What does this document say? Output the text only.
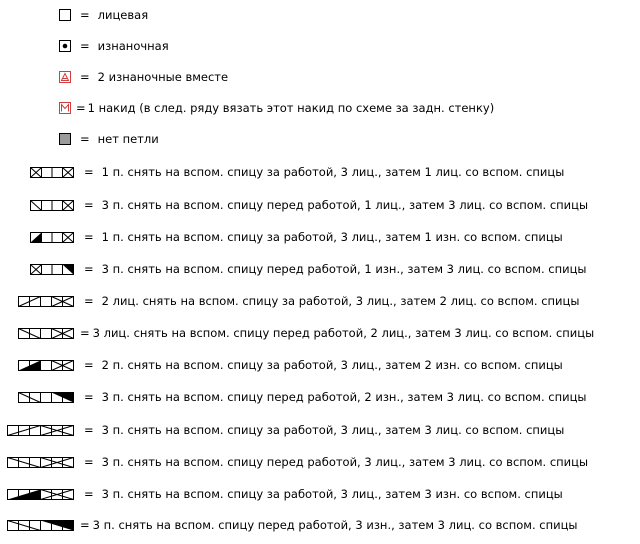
= лицевая
= изнаночная
= 2 изнаночные вместе
= 1 накид (в след. ряду вязать этот накид по схеме за задн. стенку)
= нет петли
= 1 п. снять на вспом. спицу за работой, 3 лиц., затем 1 лиц. со вспом. спицы
= 3 п. снять на вспом. спицу перед работой, 1 лиц., затем 3 лиц. со вспом. спицы
= 1 п. снять на вспом. спицу за работой, 3 лиц., затем 1 изн. со вспом. спицы
= 3 п. снять на вспом. спицу перед работой, 1 изн., затем 3 лиц. со вспом. спицы
= 2 лиц. снять на вспом. спицу за работой, 3 лиц., затем 2 лиц. со вспом. спицы
= 3 лиц. снять на вспом. спицу перед работой, 2 лиц., затем 3 лиц. со вспом. спицы
= 2 п. снять на вспом. спицу за работой, 3 лиц., затем 2 изн. со вспом. спицы
= 3 п. снять на вспом. спицу перед работой, 2 изн., затем 3 лиц. со вспом. спицы
= 3 п. снять на вспом. спицу за работой, 3 лиц., затем 3 лиц. со вспом. спицы
= 3 п. снять на вспом. спицу перед работой, 3 лиц., затем 3 лиц. со вспом. спицы
= 3 п. снять на вспом. спицу за работой, 3 лиц., затем 3 изн. со вспом. спицы
= 3 п. снять на вспом. спицу перед работой, 3 изн., затем 3 лиц. со вспом. спицы
